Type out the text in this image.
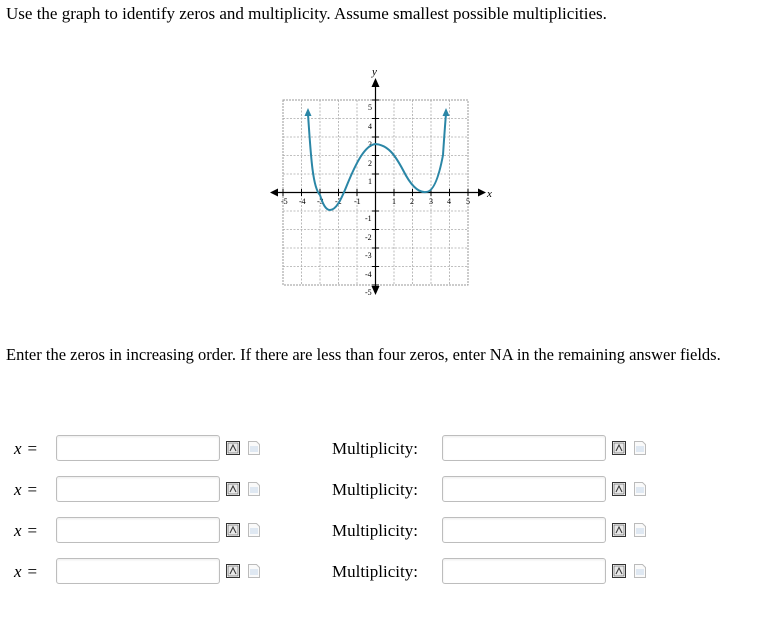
Use the graph to identify zeros and multiplicity. Assume smallest possible multiplicities.
x
y
-5 -4 -3 -2 -1	1 2 3 4 5
5
4
3
2
1
-1
-2
-3
-4
-5
Enter the zeros in increasing order. If there are less than four zeros, enter NA in the remaining answer fields.
x =	Multiplicity:
x =	Multiplicity:
x =	Multiplicity:
x =	Multiplicity:
